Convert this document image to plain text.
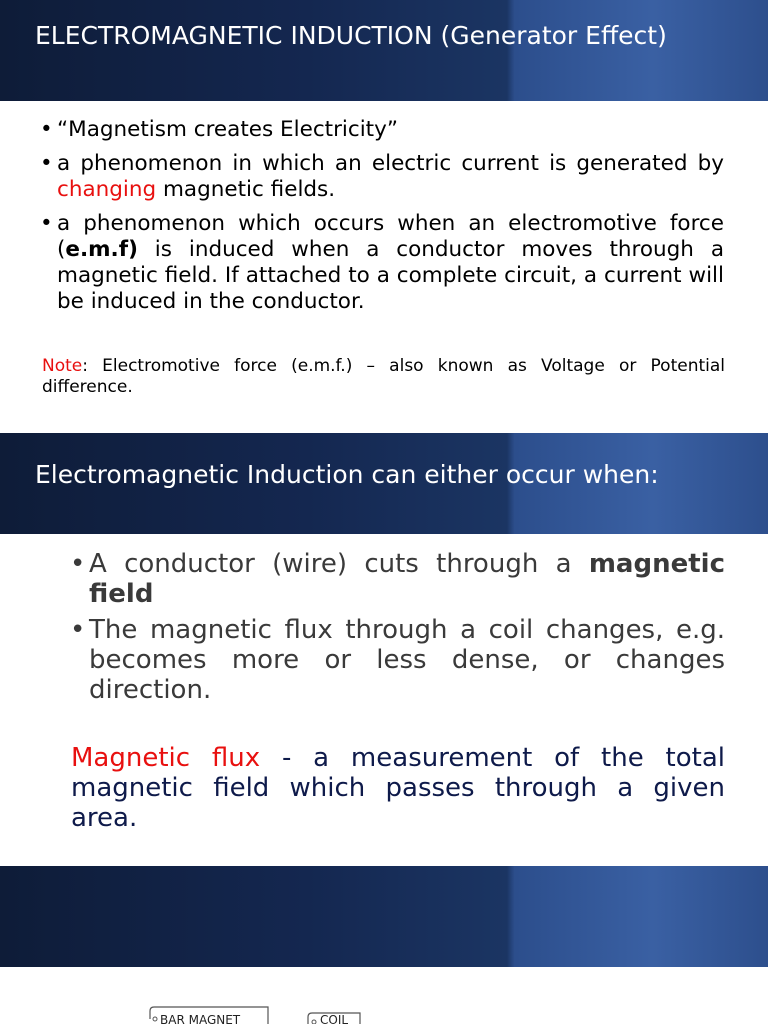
ELECTROMAGNETIC INDUCTION (Generator Effect)
• “Magnetism creates Electricity”
• a phenomenon in which an electric current is generated by changing magnetic fields.
• a phenomenon which occurs when an electromotive force (e.m.f) is induced when a conductor moves through a magnetic field. If attached to a complete circuit, a current will be induced in the conductor.

Note: Electromotive force (e.m.f.) – also known as Voltage or Potential difference.

Electromagnetic Induction can either occur when:
• A conductor (wire) cuts through a magnetic field
• The magnetic flux through a coil changes, e.g. becomes more or less dense, or changes direction.

Magnetic flux - a measurement of the total magnetic field which passes through a given area.

BAR MAGNET	COIL
